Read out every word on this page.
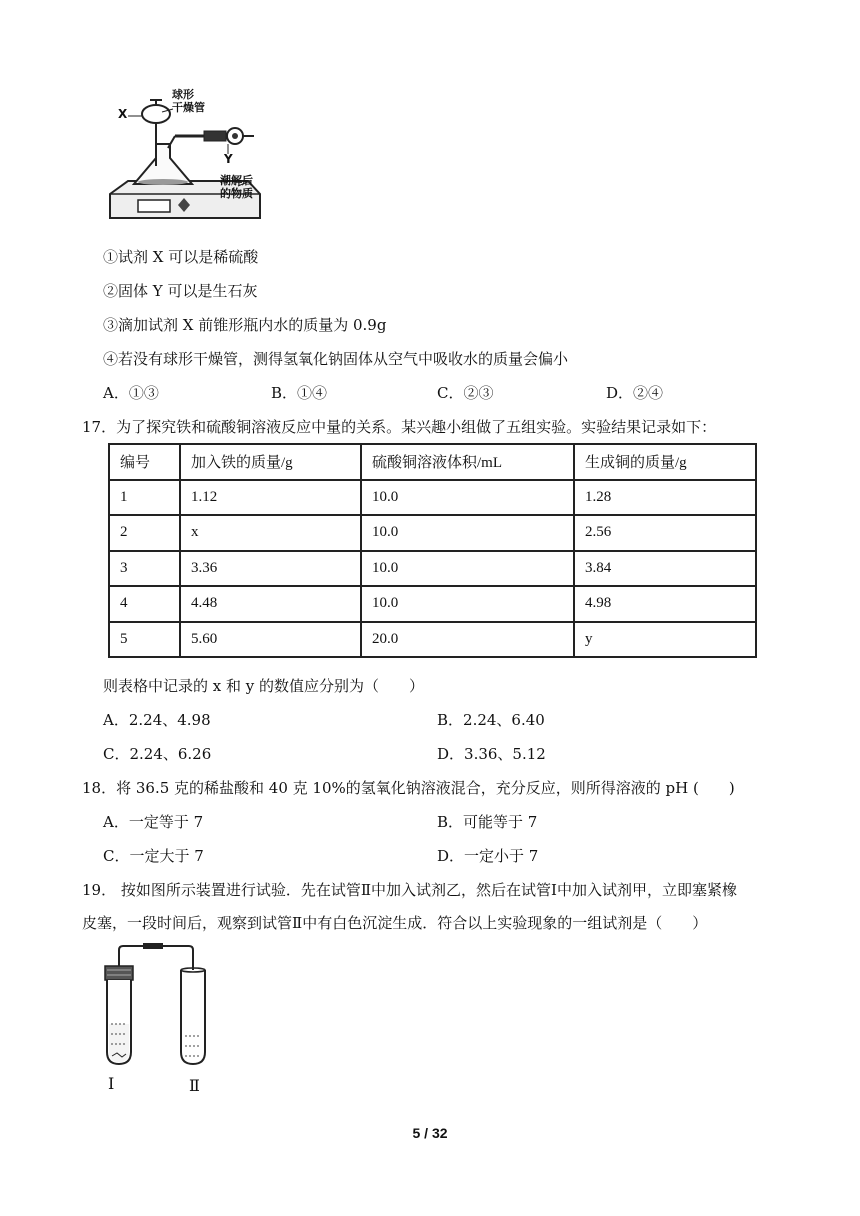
X
球形
干燥管
Y
潮解后
的物质
①试剂 X 可以是稀硫酸
②固体 Y 可以是生石灰
③滴加试剂 X 前锥形瓶内水的质量为 0.9g
④若没有球形干燥管，测得氢氧化钠固体从空气中吸收水的质量会偏小
A．①③	B．①④	C．②③	D．②④
17．为了探究铁和硫酸铜溶液反应中量的关系。某兴趣小组做了五组实验。实验结果记录如下：
编号	加入铁的质量/g	硫酸铜溶液体积/mL	生成铜的质量/g
1	1.12	10.0	1.28
2	x	10.0	2.56
3	3.36	10.0	3.84
4	4.48	10.0	4.98
5	5.60	20.0	y
则表格中记录的 x 和 y 的数值应分别为（　　）
A．2.24、4.98	B．2.24、6.40
C．2.24、6.26	D．3.36、5.12
18．将 36.5 克的稀盐酸和 40 克 10%的氢氧化钠溶液混合，充分反应，则所得溶液的 pH (　　)
A．一定等于 7	B．可能等于 7
C．一定大于 7	D．一定小于 7
19． 按如图所示装置进行试验．先在试管Ⅱ中加入试剂乙，然后在试管Ⅰ中加入试剂甲，立即塞紧橡
皮塞，一段时间后，观察到试管Ⅱ中有白色沉淀生成．符合以上实验现象的一组试剂是（　　）
Ⅰ	Ⅱ
5 / 32
